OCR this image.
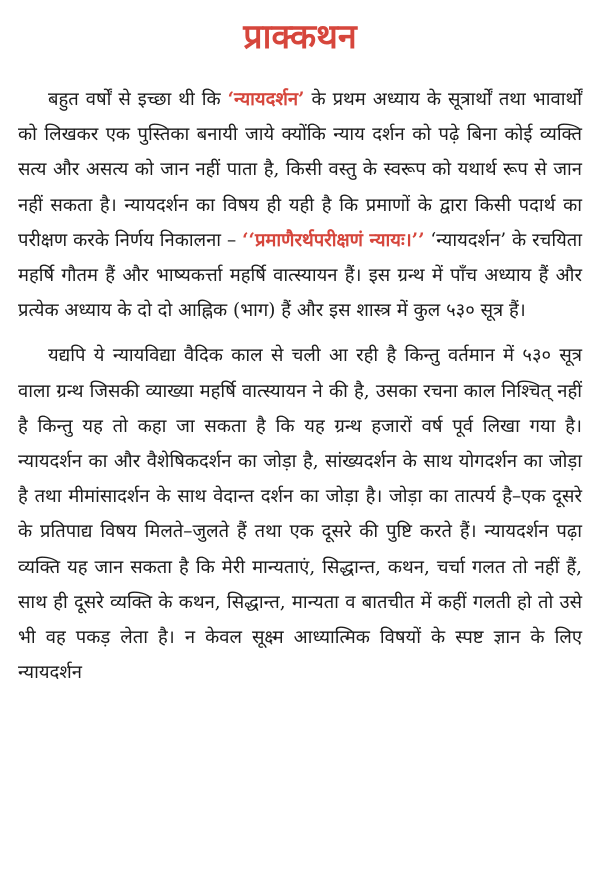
प्राक्कथन

बहुत वर्षों से इच्छा थी कि ‘न्यायदर्शन’ के प्रथम अध्याय के सूत्रार्थों तथा भावार्थों को लिखकर एक पुस्तिका बनायी जाये क्योंकि न्याय दर्शन को पढ़े बिना कोई व्यक्ति सत्य और असत्य को जान नहीं पाता है, किसी वस्तु के स्वरूप को यथार्थ रूप से जान नहीं सकता है। न्यायदर्शन का विषय ही यही है कि प्रमाणों के द्वारा किसी पदार्थ का परीक्षण करके निर्णय निकालना – ‘‘प्रमाणैरर्थपरीक्षणं न्यायः।’’ ‘न्यायदर्शन’ के रचयिता महर्षि गौतम हैं और भाष्यकर्त्ता महर्षि वात्स्यायन हैं। इस ग्रन्थ में पाँच अध्याय हैं और प्रत्येक अध्याय के दो दो आह्निक (भाग) हैं और इस शास्त्र में कुल ५३० सूत्र हैं।

यद्यपि ये न्यायविद्या वैदिक काल से चली आ रही है किन्तु वर्तमान में ५३० सूत्र वाला ग्रन्थ जिसकी व्याख्या महर्षि वात्स्यायन ने की है, उसका रचना काल निश्चित् नहीं है किन्तु यह तो कहा जा सकता है कि यह ग्रन्थ हजारों वर्ष पूर्व लिखा गया है। न्यायदर्शन का और वैशेषिकदर्शन का जोड़ा है, सांख्यदर्शन के साथ योगदर्शन का जोड़ा है तथा मीमांसादर्शन के साथ वेदान्त दर्शन का जोड़ा है। जोड़ा का तात्पर्य है–एक दूसरे के प्रतिपाद्य विषय मिलते–जुलते हैं तथा एक दूसरे की पुष्टि करते हैं। न्यायदर्शन पढ़ा व्यक्ति यह जान सकता है कि मेरी मान्यताएं, सिद्धान्त, कथन, चर्चा गलत तो नहीं हैं, साथ ही दूसरे व्यक्ति के कथन, सिद्धान्त, मान्यता व बातचीत में कहीं गलती हो तो उसे भी वह पकड़ लेता है। न केवल सूक्ष्म आध्यात्मिक विषयों के स्पष्ट ज्ञान के लिए न्यायदर्शन
